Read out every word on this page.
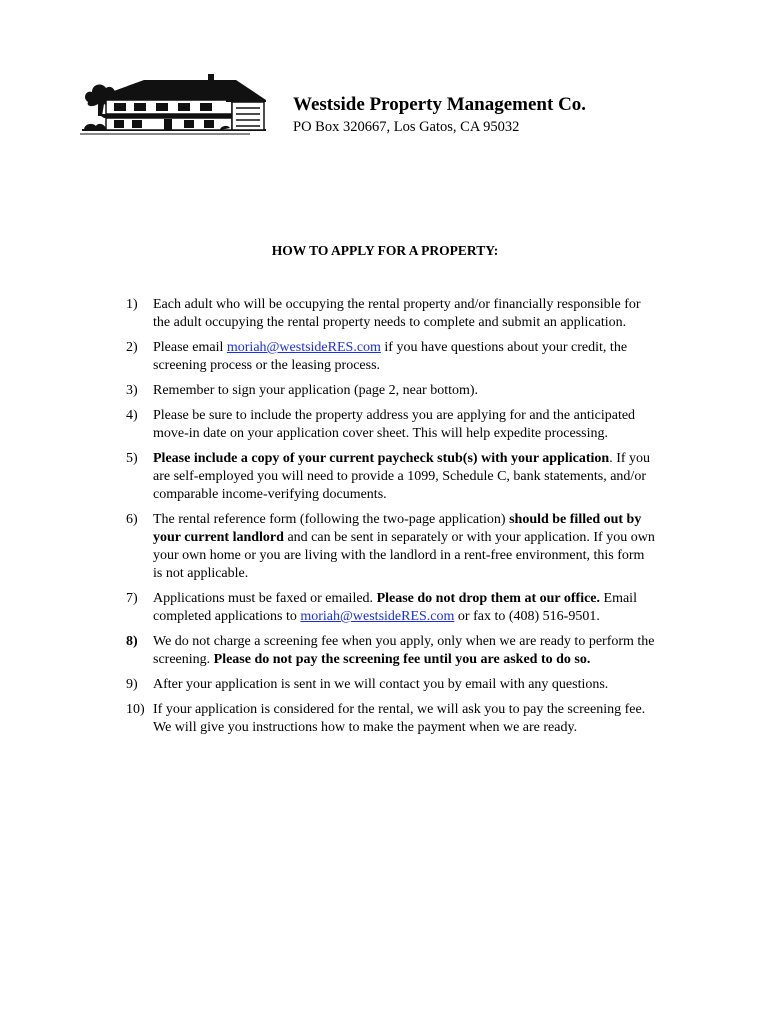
Westside Property Management Co.
PO Box 320667, Los Gatos, CA 95032
HOW TO APPLY FOR A PROPERTY:
1) Each adult who will be occupying the rental property and/or financially responsible for the adult occupying the rental property needs to complete and submit an application.
2) Please email moriah@westsideRES.com if you have questions about your credit, the screening process or the leasing process.
3) Remember to sign your application (page 2, near bottom).
4) Please be sure to include the property address you are applying for and the anticipated move-in date on your application cover sheet. This will help expedite processing.
5) Please include a copy of your current paycheck stub(s) with your application. If you are self-employed you will need to provide a 1099, Schedule C, bank statements, and/or comparable income-verifying documents.
6) The rental reference form (following the two-page application) should be filled out by your current landlord and can be sent in separately or with your application. If you own your own home or you are living with the landlord in a rent-free environment, this form is not applicable.
7) Applications must be faxed or emailed. Please do not drop them at our office. Email completed applications to moriah@westsideRES.com or fax to (408) 516-9501.
8) We do not charge a screening fee when you apply, only when we are ready to perform the screening. Please do not pay the screening fee until you are asked to do so.
9) After your application is sent in we will contact you by email with any questions.
10) If your application is considered for the rental, we will ask you to pay the screening fee. We will give you instructions how to make the payment when we are ready.
